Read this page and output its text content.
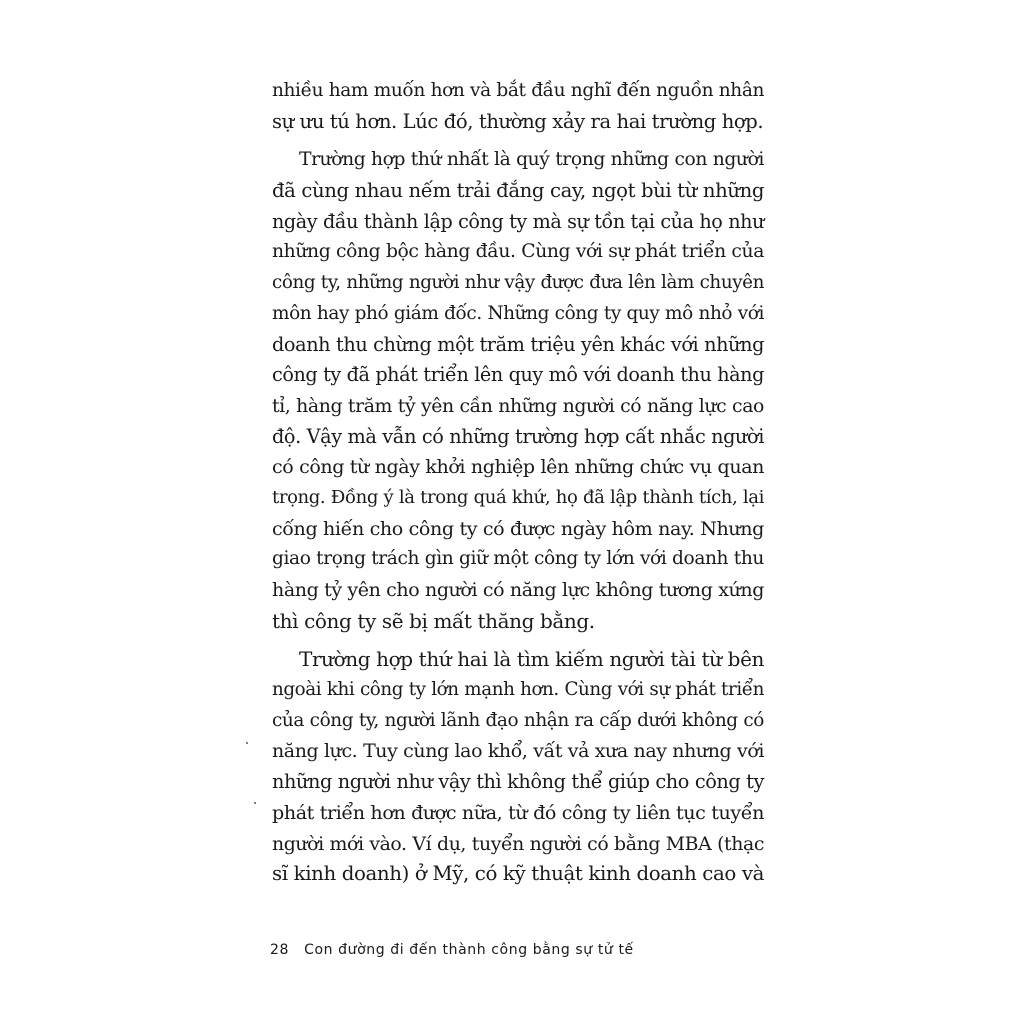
nhiều ham muốn hơn và bắt đầu nghĩ đến nguồn nhân
sự ưu tú hơn. Lúc đó, thường xảy ra hai trường hợp.
Trường hợp thứ nhất là quý trọng những con người
đã cùng nhau nếm trải đắng cay, ngọt bùi từ những
ngày đầu thành lập công ty mà sự tồn tại của họ như
những công bộc hàng đầu. Cùng với sự phát triển của
công ty, những người như vậy được đưa lên làm chuyên
môn hay phó giám đốc. Những công ty quy mô nhỏ với
doanh thu chừng một trăm triệu yên khác với những
công ty đã phát triển lên quy mô với doanh thu hàng
tỉ, hàng trăm tỷ yên cần những người có năng lực cao
độ. Vậy mà vẫn có những trường hợp cất nhắc người
có công từ ngày khởi nghiệp lên những chức vụ quan
trọng. Đồng ý là trong quá khứ, họ đã lập thành tích, lại
cống hiến cho công ty có được ngày hôm nay. Nhưng
giao trọng trách gìn giữ một công ty lớn với doanh thu
hàng tỷ yên cho người có năng lực không tương xứng
thì công ty sẽ bị mất thăng bằng.
Trường hợp thứ hai là tìm kiếm người tài từ bên
ngoài khi công ty lớn mạnh hơn. Cùng với sự phát triển
của công ty, người lãnh đạo nhận ra cấp dưới không có
năng lực. Tuy cùng lao khổ, vất vả xưa nay nhưng với
những người như vậy thì không thể giúp cho công ty
phát triển hơn được nữa, từ đó công ty liên tục tuyển
người mới vào. Ví dụ, tuyển người có bằng MBA (thạc
sĩ kinh doanh) ở Mỹ, có kỹ thuật kinh doanh cao và
28 Con đường đi đến thành công bằng sự tử tế
